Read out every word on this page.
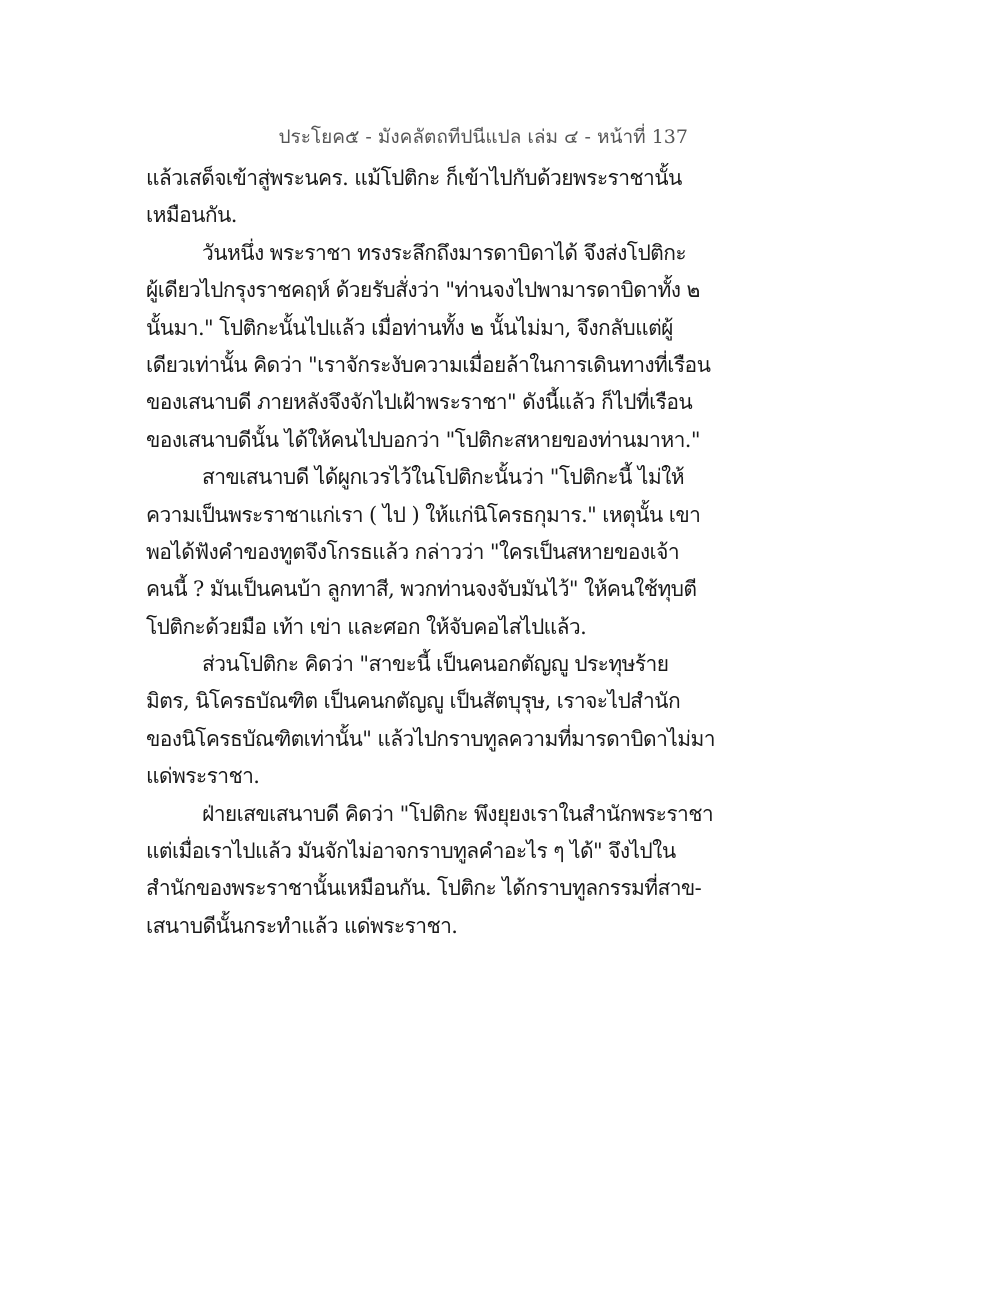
ประโยค๕ - มังคลัตถทีปนีแปล เล่ม ๔ - หน้าที่ 137
แล้วเสด็จเข้าสู่พระนคร. แม้โปติกะ ก็เข้าไปกับด้วยพระราชานั้น
เหมือนกัน.
วันหนึ่ง พระราชา ทรงระลึกถึงมารดาบิดาได้ จึงส่งโปติกะ
ผู้เดียวไปกรุงราชคฤห์ ด้วยรับสั่งว่า "ท่านจงไปพามารดาบิดาทั้ง ๒
นั้นมา." โปติกะนั้นไปแล้ว เมื่อท่านทั้ง ๒ นั้นไม่มา, จึงกลับแต่ผู้
เดียวเท่านั้น คิดว่า "เราจักระงับความเมื่อยล้าในการเดินทางที่เรือน
ของเสนาบดี ภายหลังจึงจักไปเฝ้าพระราชา" ดังนี้แล้ว ก็ไปที่เรือน
ของเสนาบดีนั้น ได้ให้คนไปบอกว่า "โปติกะสหายของท่านมาหา."
สาขเสนาบดี ได้ผูกเวรไว้ในโปติกะนั้นว่า "โปติกะนี้ ไม่ให้
ความเป็นพระราชาแก่เรา ( ไป ) ให้แก่นิโครธกุมาร." เหตุนั้น เขา
พอได้ฟังคำของทูตจึงโกรธแล้ว กล่าวว่า "ใครเป็นสหายของเจ้า
คนนี้ ? มันเป็นคนบ้า ลูกทาสี, พวกท่านจงจับมันไว้" ให้คนใช้ทุบตี
โปติกะด้วยมือ เท้า เข่า และศอก ให้จับคอไสไปแล้ว.
ส่วนโปติกะ คิดว่า "สาขะนี้ เป็นคนอกตัญญู ประทุษร้าย
มิตร, นิโครธบัณฑิต เป็นคนกตัญญู เป็นสัตบุรุษ, เราจะไปสำนัก
ของนิโครธบัณฑิตเท่านั้น" แล้วไปกราบทูลความที่มารดาบิดาไม่มา
แด่พระราชา.
ฝ่ายเสขเสนาบดี คิดว่า "โปติกะ พึงยุยงเราในสำนักพระราชา
แต่เมื่อเราไปแล้ว มันจักไม่อาจกราบทูลคำอะไร ๆ ได้" จึงไปใน
สำนักของพระราชานั้นเหมือนกัน. โปติกะ ได้กราบทูลกรรมที่สาข-
เสนาบดีนั้นกระทำแล้ว แด่พระราชา.
